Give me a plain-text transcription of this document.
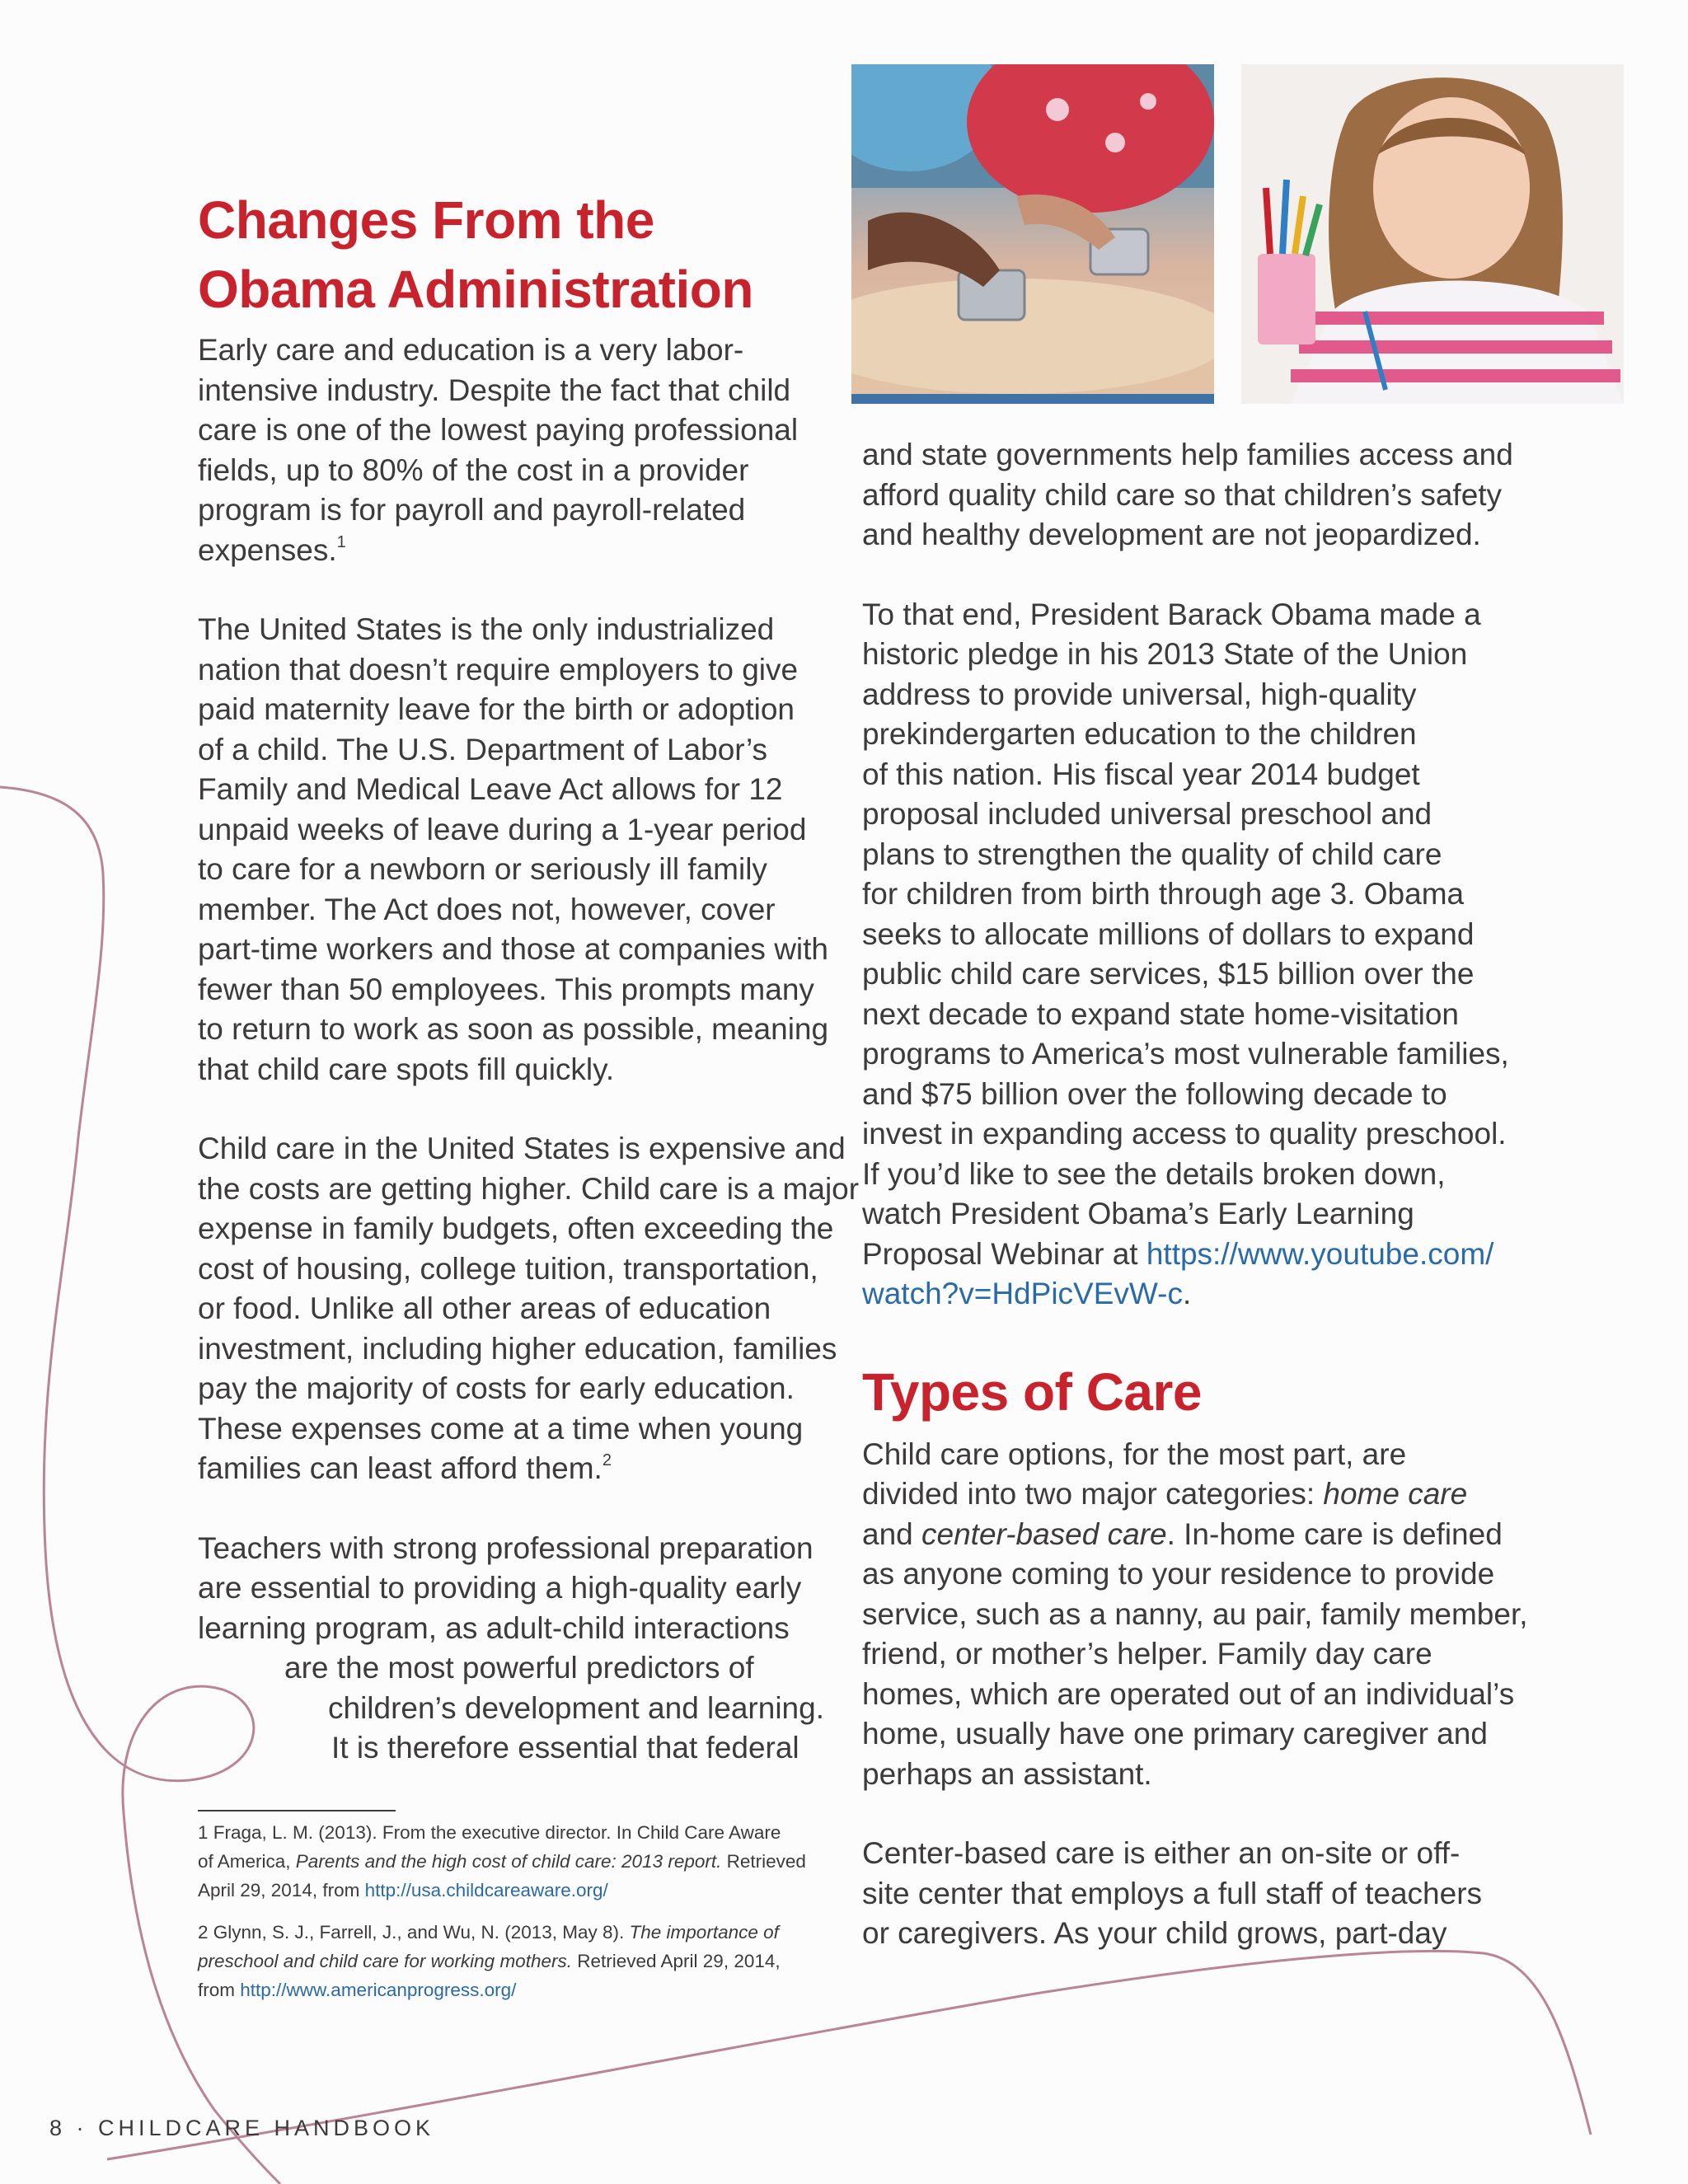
Changes From the
Obama Administration

Early care and education is a very labor-
intensive industry. Despite the fact that child
care is one of the lowest paying professional
fields, up to 80% of the cost in a provider
program is for payroll and payroll-related
expenses.$^1$

The United States is the only industrialized
nation that doesn’t require employers to give
paid maternity leave for the birth or adoption
of a child. The U.S. Department of Labor’s
Family and Medical Leave Act allows for 12
unpaid weeks of leave during a 1-year period
to care for a newborn or seriously ill family
member. The Act does not, however, cover
part-time workers and those at companies with
fewer than 50 employees. This prompts many
to return to work as soon as possible, meaning
that child care spots fill quickly.

Child care in the United States is expensive and
the costs are getting higher. Child care is a major
expense in family budgets, often exceeding the
cost of housing, college tuition, transportation,
or food. Unlike all other areas of education
investment, including higher education, families
pay the majority of costs for early education.
These expenses come at a time when young
families can least afford them.$^2$

Teachers with strong professional preparation
are essential to providing a high-quality early
learning program, as adult-child interactions
are the most powerful predictors of
children’s development and learning.
It is therefore essential that federal

1 Fraga, L. M. (2013). From the executive director. In Child Care Aware
of America, Parents and the high cost of child care: 2013 report. Retrieved
April 29, 2014, from http://usa.childcareaware.org/
2 Glynn, S. J., Farrell, J., and Wu, N. (2013, May 8). The importance of
preschool and child care for working mothers. Retrieved April 29, 2014,
from http://www.americanprogress.org/

and state governments help families access and
afford quality child care so that children’s safety
and healthy development are not jeopardized.

To that end, President Barack Obama made a
historic pledge in his 2013 State of the Union
address to provide universal, high-quality
prekindergarten education to the children
of this nation. His fiscal year 2014 budget
proposal included universal preschool and
plans to strengthen the quality of child care
for children from birth through age 3. Obama
seeks to allocate millions of dollars to expand
public child care services, $15 billion over the
next decade to expand state home-visitation
programs to America’s most vulnerable families,
and $75 billion over the following decade to
invest in expanding access to quality preschool.
If you’d like to see the details broken down,
watch President Obama’s Early Learning
Proposal Webinar at https://www.youtube.com/
watch?v=HdPicVEvW-c.

Types of Care

Child care options, for the most part, are
divided into two major categories: home care
and center-based care. In-home care is defined
as anyone coming to your residence to provide
service, such as a nanny, au pair, family member,
friend, or mother’s helper. Family day care
homes, which are operated out of an individual’s
home, usually have one primary caregiver and
perhaps an assistant.

Center-based care is either an on-site or off-
site center that employs a full staff of teachers
or caregivers. As your child grows, part-day

8 · CHILDCARE HANDBOOK
